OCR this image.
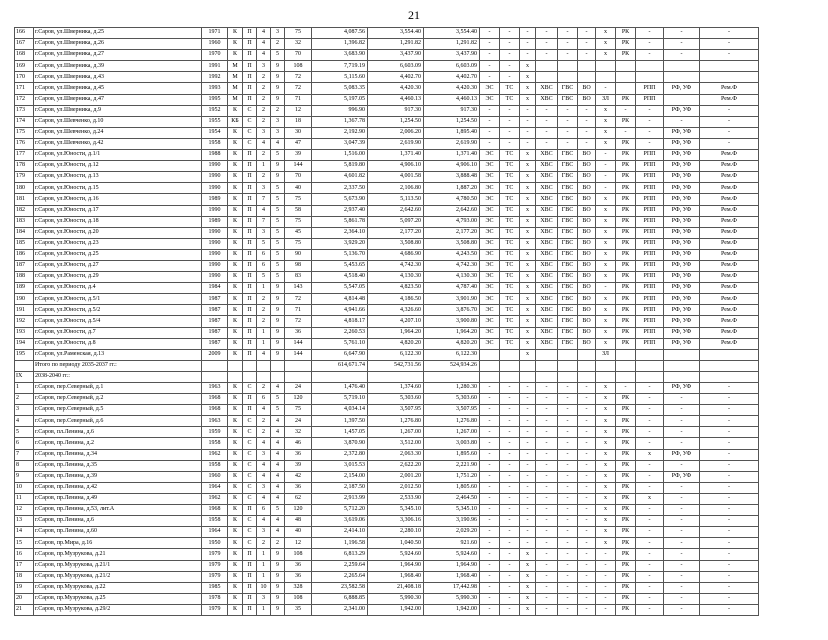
21
166	г.Саров, ул.Шверника, д.25	1971	К	П	4	3	75	4,087.56	3,554.40	3,554.40	-	-	-	-	-	-	x	РК	-	-	-
167	г.Саров, ул.Шверника, д.26	1960	К	П	4	2	32	1,396.82	1,291.82	1,291.82	-	-	-	-	-	-	x	РК	-	-	-
168	г.Саров, ул.Шверника, д.27	1970	К	П	4	5	70	3,683.90	3,437.90	3,437.90	-	-	-	-	-	-	x	РК	-	-	-
169	г.Саров, ул.Шверника, д.39	1991	М	П	3	9	108	7,719.19	6,603.09	6,603.09	-	-	x								
170	г.Саров, ул.Шверника, д.43	1992	М	П	2	9	72	5,115.60	4,402.70	4,402.70	-	-	x								
171	г.Саров, ул.Шверника, д.45	1993	М	П	2	9	72	5,083.35	4,420.30	4,420.30	ЭС	ТС	x	ХВС	ГВС	ВО	-		РПП	РФ, УФ	Рем.Ф
172	г.Саров, ул.Шверника, д.47	1995	М	П	2	9	71	5,197.05	4,460.13	4,460.13	ЭС	ТС	x	ХВС	ГВС	ВО	ЗЛ	РК	РПП		Рем.Ф
173	г.Саров, ул.Шверника, д.9	1952	К	С	2	2	12	996.90	917.30	917.30	-	-	-	-	-	-	x	-	-	РФ, УФ	-
174	г.Саров, ул.Шевченко, д.10	1955	КБ	С	2	3	18	1,367.78	1,254.50	1,254.50	-	-	-	-	-	-	x	РК	-	-	-
175	г.Саров, ул.Шевченко, д.24	1954	К	С	3	3	30	2,192.90	2,006.20	1,895.40	-	-	-	-	-	-	x	-	-	РФ, УФ	-
176	г.Саров, ул.Шевченко, д.42	1958	К	С	4	4	47	3,047.39	2,619.90	2,619.90	-	-	-	-	-	-	x	РК	-	РФ, УФ	-
177	г.Саров, ул.Юности, д.1/1	1988	К	П	2	5	39	1,516.00	1,371.40	1,371.40	ЭС	ТС	x	ХВС	ГВС	ВО	-	РК	РПП	РФ, УФ	Рем.Ф
178	г.Саров, ул.Юности, д.12	1990	К	П	1	9	144	5,819.80	4,906.10	4,906.10	ЭС	ТС	x	ХВС	ГВС	ВО	-	РК	РПП	РФ, УФ	Рем.Ф
179	г.Саров, ул.Юности, д.13	1990	К	П	2	9	70	4,601.82	4,001.58	3,888.48	ЭС	ТС	x	ХВС	ГВС	ВО	-	РК	РПП	РФ, УФ	Рем.Ф
180	г.Саров, ул.Юности, д.15	1990	К	П	3	5	40	2,337.50	2,106.80	1,887.20	ЭС	ТС	x	ХВС	ГВС	ВО	-	РК	РПП	РФ, УФ	Рем.Ф
181	г.Саров, ул.Юности, д.16	1989	К	П	7	5	75	5,673.90	5,113.50	4,780.50	ЭС	ТС	x	ХВС	ГВС	ВО	x	РК	РПП	РФ, УФ	Рем.Ф
182	г.Саров, ул.Юности, д.17	1990	К	П	4	5	58	2,937.40	2,642.60	2,642.60	ЭС	ТС	x	ХВС	ГВС	ВО	x	РК	РПП	РФ, УФ	Рем.Ф
183	г.Саров, ул.Юности, д.18	1989	К	П	7	5	75	5,861.78	5,097.20	4,793.00	ЭС	ТС	x	ХВС	ГВС	ВО	x	РК	РПП	РФ, УФ	Рем.Ф
184	г.Саров, ул.Юности, д.20	1990	К	П	3	5	45	2,364.10	2,177.20	2,177.20	ЭС	ТС	x	ХВС	ГВС	ВО	x	РК	РПП	РФ, УФ	Рем.Ф
185	г.Саров, ул.Юности, д.23	1990	К	П	5	5	75	3,929.20	3,508.80	3,508.80	ЭС	ТС	x	ХВС	ГВС	ВО	x	РК	РПП	РФ, УФ	Рем.Ф
186	г.Саров, ул.Юности, д.25	1990	К	П	6	5	90	5,136.70	4,686.90	4,243.50	ЭС	ТС	x	ХВС	ГВС	ВО	x	РК	РПП	РФ, УФ	Рем.Ф
187	г.Саров, ул.Юности, д.27	1990	К	П	6	5	98	5,453.65	4,742.30	4,742.30	ЭС	ТС	x	ХВС	ГВС	ВО	x	РК	РПП	РФ, УФ	Рем.Ф
188	г.Саров, ул.Юности, д.29	1990	К	П	5	5	83	4,518.40	4,130.30	4,130.30	ЭС	ТС	x	ХВС	ГВС	ВО	x	РК	РПП	РФ, УФ	Рем.Ф
189	г.Саров, ул.Юности, д.4	1984	К	П	1	9	143	5,547.05	4,823.50	4,787.40	ЭС	ТС	x	ХВС	ГВС	ВО	-	РК	РПП	РФ, УФ	Рем.Ф
190	г.Саров, ул.Юности, д.5/1	1987	К	П	2	9	72	4,814.48	4,186.50	3,901.90	ЭС	ТС	x	ХВС	ГВС	ВО	x	РК	РПП	РФ, УФ	Рем.Ф
191	г.Саров, ул.Юности, д.5/2	1987	К	П	2	9	71	4,941.66	4,326.60	3,876.70	ЭС	ТС	x	ХВС	ГВС	ВО	x	РК	РПП	РФ, УФ	Рем.Ф
192	г.Саров, ул.Юности, д.5/4	1987	К	П	2	9	72	4,818.17	4,207.10	3,900.80	ЭС	ТС	x	ХВС	ГВС	ВО	x	РК	РПП	РФ, УФ	Рем.Ф
193	г.Саров, ул.Юности, д.7	1987	К	П	1	9	36	2,260.53	1,964.20	1,964.20	ЭС	ТС	x	ХВС	ГВС	ВО	x	РК	РПП	РФ, УФ	Рем.Ф
194	г.Саров, ул.Юности, д.8	1987	К	П	1	9	144	5,761.10	4,820.20	4,820.20	ЭС	ТС	x	ХВС	ГВС	ВО	x	РК	РПП	РФ, УФ	Рем.Ф
195	г.Саров, ул.Раменская, д.13	2009	К	П	4	9	144	6,647.90	6,122.30	6,122.30			x				ЗЛ				
	Итого по периоду 2035-2037 гг.:							614,671.74	542,731.56	524,934.26											
IX	2038-2040 гг.:																				
1	г.Саров, пер.Северный, д.1	1963	К	С	2	4	24	1,476.40	1,374.60	1,280.30	-	-	-	-	-	-	x	-	-	РФ, УФ	-
2	г.Саров, пер.Северный, д.2	1968	К	П	6	5	120	5,719.10	5,303.60	5,303.60	-	-	-	-	-	-	x	РК	-	-	-
3	г.Саров, пер.Северный, д.5	1968	К	П	4	5	75	4,034.14	3,507.95	3,507.95	-	-	-	-	-	-	x	РК	-	-	-
4	г.Саров, пер.Северный, д.6	1963	К	С	2	4	24	1,397.50	1,276.80	1,276.80	-	-	-	-	-	-	x	РК	-	-	-
5	г.Саров, пл.Ленина, д.6	1959	К	С	2	4	32	1,457.05	1,267.00	1,267.00	-	-	-	-	-	-	x	РК	-	-	-
6	г.Саров, пр.Ленина, д.2	1958	К	С	4	4	46	3,870.90	3,512.00	3,003.80	-	-	-	-	-	-	x	РК	-	-	-
7	г.Саров, пр.Ленина, д.34	1962	К	С	3	4	36	2,372.80	2,063.30	1,895.60	-	-	-	-	-	-	x	РК	x	РФ, УФ	-
8	г.Саров, пр.Ленина, д.35	1958	К	С	4	4	39	3,015.53	2,622.20	2,221.90	-	-	-	-	-	-	x	РК	-	-	-
9	г.Саров, пр.Ленина, д.39	1960	К	С	4	4	42	2,154.00	2,001.20	1,751.20	-	-	-	-	-	-	x	РК	-	РФ, УФ	-
10	г.Саров, пр.Ленина, д.42	1964	К	С	3	4	36	2,187.50	2,012.50	1,805.60	-	-	-	-	-	-	x	РК	-	-	-
11	г.Саров, пр.Ленина, д.49	1962	К	С	4	4	62	2,913.99	2,533.90	2,464.50	-	-	-	-	-	-	x	РК	x	-	-
12	г.Саров, пр.Ленина, д.53, лит.А	1968	К	П	6	5	120	5,712.20	5,345.10	5,345.10	-	-	-	-	-	-	x	РК	-	-	-
13	г.Саров, пр.Ленина, д.6	1958	К	С	4	4	48	3,619.06	3,306.16	3,190.96	-	-	-	-	-	-	x	РК	-	-	-
14	г.Саров, пр.Ленина, д.60	1964	К	С	3	4	40	2,414.10	2,280.10	2,029.20	-	-	-	-	-	-	x	РК	-	-	-
15	г.Саров, пр.Мира, д.16	1950	К	С	2	2	12	1,196.58	1,040.50	921.60	-	-	-	-	-	-	x	РК	-	-	-
16	г.Саров, пр.Музрукова, д.21	1979	К	П	1	9	108	6,813.29	5,924.60	5,924.60	-	-	x	-	-	-	-	РК	-	-	-
17	г.Саров, пр.Музрукова, д.21/1	1979	К	П	1	9	36	2,259.64	1,964.90	1,964.90	-	-	x	-	-	-	-	РК	-	-	-
18	г.Саров, пр.Музрукова, д.21/2	1979	К	П	1	9	36	2,265.64	1,968.40	1,968.40	-	-	x	-	-	-	-	РК	-	-	-
19	г.Саров, пр.Музрукова, д.22	1985	К	П	10	9	328	23,582.58	21,408.18	17,442.98	-	-	x	-	-	-	-	РК	-	-	-
20	г.Саров, пр.Музрукова, д.25	1978	К	П	3	9	108	6,888.85	5,990.30	5,990.30	-	-	x	-	-	-	-	РК	-	-	-
21	г.Саров, пр.Музрукова, д.29/2	1979	К	П	1	9	35	2,341.00	1,942.00	1,942.00	-	-	x	-	-	-	-	РК	-	-	-
